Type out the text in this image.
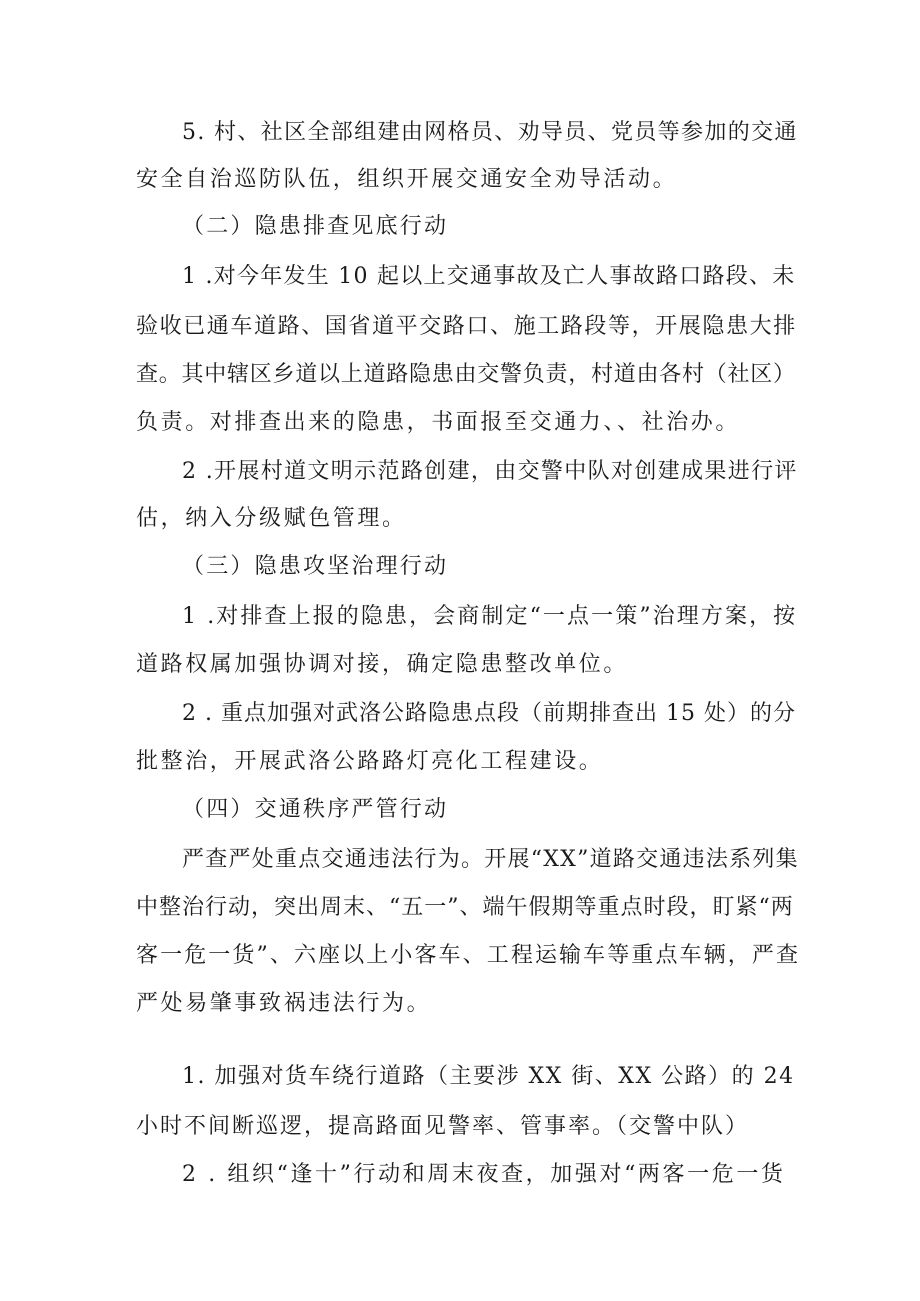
5. 村、社区全部组建由网格员、劝导员、党员等参加的交通

安全自治巡防队伍，组织开展交通安全劝导活动。

（二）隐患排查见底行动

1 .对今年发生 10 起以上交通事故及亡人事故路口路段、未

验收已通车道路、国省道平交路口、施工路段等，开展隐患大排

查。其中辖区乡道以上道路隐患由交警负责，村道由各村（社区）

负责。对排查出来的隐患，书面报至交通力、、社治办。

2 .开展村道文明示范路创建，由交警中队对创建成果进行评

估，纳入分级赋色管理。

（三）隐患攻坚治理行动

1 .对排查上报的隐患，会商制定“一点一策”治理方案，按

道路权属加强协调对接，确定隐患整改单位。

2 . 重点加强对武洛公路隐患点段（前期排查出 15 处）的分

批整治，开展武洛公路路灯亮化工程建设。

（四）交通秩序严管行动

严查严处重点交通违法行为。开展“XX”道路交通违法系列集

中整治行动，突出周末、“五一”、端午假期等重点时段，盯紧“两

客一危一货”、六座以上小客车、工程运输车等重点车辆，严查

严处易肇事致祸违法行为。

1. 加强对货车绕行道路（主要涉 XX 街、XX 公路）的 24

小时不间断巡逻，提高路面见警率、管事率。（交警中队）

2 . 组织“逢十”行动和周末夜查，加强对“两客一危一货
